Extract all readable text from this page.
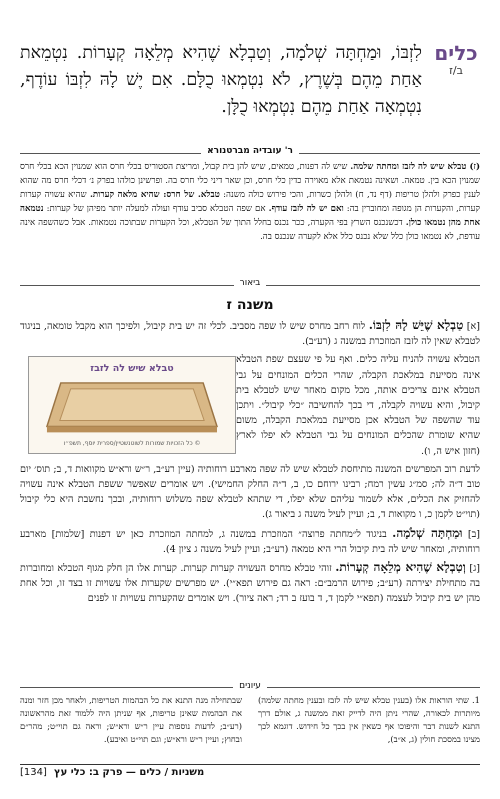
כלים
ב/ז
לִזְבּוֹ, וּמַחְתָּה שְׁלֹמָה, וְטַבְלָא שֶׁהִיא מְלֵאָה קְעָרוֹת. נִטְמֵאת אַחַת מֵהֶם בְּשֶׁרֶץ, לֹא נִטְמְאוּ כֻלָּם. אִם יֶשׁ לָהּ לִזְבּוֹ עוֹדֶף, נִטְמְאָה אַחַת מֵהֶם נִטְמְאוּ כֻלָּן.
ר' עובדיה מברטנורא
(ז) טבלא שיש לה לזבז ומחתה שלמה. שיש לה דפנות, טמאים, שיש להן בית קבול, ומריצת הסטוריס בכלי חרס הוא שמנוין הכא בכלי חרס שמנוין הכא בין. טמאה. ושאינה נטמאת אלא מאוירה כדין כלי חרס, וכן שאר דיני כלי חרס בה. ופרשינן כולהו בפרק נ׳ דכלי חרס מה שהוא לענין כפרק ולהלן טריפות (דף נד, ח) ולהלן כשרות, והכי פירוש כולה משנה: טבלא. של חרס: שהיא מלאה קערות. שהיא עשויה קערות קערות, והקערות הן מגופה ומחוברין בה: ואם יש לה לזבז עודף. אם שפה הטבלא סביב עודף ועולה למעלה יותר מפיהן של קערות: נטמאה אחת מהן נטמאו כולן. דכשנכנס השרץ בפי הקערה, ככר נכנס בחלל התוך של הטבלא, וכל הקערות שבתוכה נטמאות. אבל כשהשפה אינה עודפת, לא נטמאו כולן כלל שלא נכנס כלל אלא לקערה שנכנס בה.
ביאור
משנה ז

[א] טַבְלָא שֶׁיֵּשׁ לָהּ לִזְבּוֹ. לוח רחב מחרס שיש לו שפה מסביב. לכלי זה יש בית קיבול, ולפיכך הוא מקבל טומאה, בניגוד לטבלא שאין לה לזבז המוזכרת במשנה ג (רע״ב).

טבלא שיש לה לזבז
© כל הזכויות שמורות לשוטנשטיין/ספרית יוסף, תשפ״ו

הטבלא עשויה להניח עליה כלים. ואף על פי שעצם שפת הטבלא אינה מסייעת במלאכת הקבלה, שהרי הכלים המונחים על גבי הטבלא אינם צריכים אותה, מכל מקום מאחר שיש לטבלא בית קיבול, והיא עשויה לקבלה, די בכך להחשיבה ״כלי קיבול״. ויתכן עוד שהשפה של הטבלא אכן מסייעת במלאכת הקבלה, משום שהיא שומרת שהכלים המונחים על גבי הטבלא לא יפלו לארץ (חזון איש ה, ו).

לדעת רוב המפרשים המשנה מתיחסת לטבלא שיש לה שפה מארבע רוחותיה (עיין רע״ב, ר״ש ורא״ש מקוואות ד, ב; תוס׳ יום טוב ד״ה לה; סמ״ג עשין רמח; רבינו ירוחם כו, ב, ד״ה החלק החמישי). ויש אומרים שאפשר ששפת הטבלא אינה עשויה להחזיק את הכלים, אלא לשמור עליהם שלא יפלו, די שתהא לטבלא שפה משלוש רוחותיה, ובכך נחשבת היא כלי קיבול (תוי״ט לקמן כ, ו מקואות ד, ב; ועיין לעיל משנה ג ביאור ג).

[ב] וּמַחְתָּה שְׁלֹמָה. בניגוד ל״מחתה פרוצה״ המוזכרת במשנה ג, למחתה המוזכרת כאן יש דפנות [שלמות] מארבע רוחותיה, ומאחר שיש לה בית קיבול הרי היא טמאה (רע״ב; ועיין לעיל משנה ג ציון 4).

[ג] וְטַבְלָא שֶׁהִיא מְלֵאָה קְעָרוֹת. זוהי טבלא מחרס העשויה קערות קערות. קערות אלו הן חלק מגוף הטבלא ומחוברות בה מתחילת יצירתה (רע״ב; פירוש הרמב״ם: ראה גם פירוש תפא״י). יש מפרשים שקערות אלו עשויות זו בצד זו, וכל אחת מהן יש בית קיבול לעצמה (תפא״י לקמן ד, ד בועז ב רד; ראה ציור). ויש אומרים שהקערות עשויות זו לפנים

עיונים
1. שתי הוראות אלו (בענין טבלא שיש לה לזבז ובענין מחתה שלמה) מיותרות לכאורה, שהרי ניתן היה לדייק זאת ממשנה ג, אולם דרך התנא לשנות דבר והיפוכו אף כשאין אין בכך כל חידוש. דוגמא לכך מצינו במסכת חולין (ג, א״ב),
שבתחילה מנה התנא את כל הבהמות הטריפות, ולאחר מכן חזר ומנה את הבהמות שאינן טריפות, אף שניתן היה ללמוד זאת מהראשונה (רע״ב; לדעות נוספות עיין ר״ש ורא״ש; וראה גם תוי״ט; מהר״ם ובחוץ; ועיין ר״ש ורא״ש; וגם תוי״ט ואיבע).
[134] משניות / כלים — פרק ב: כלי עץ
